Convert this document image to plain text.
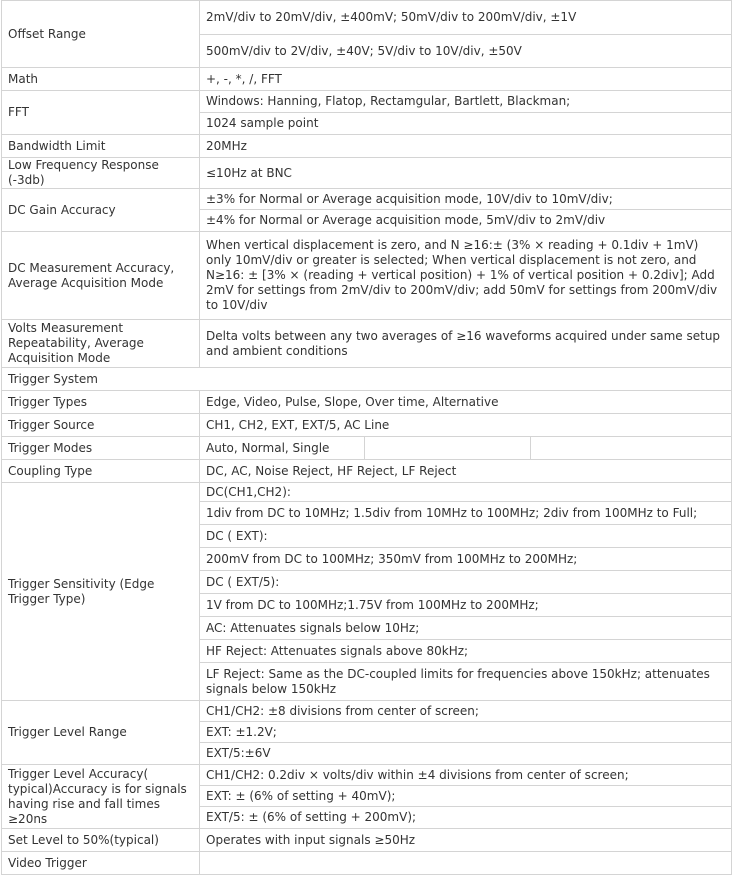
Offset Range	2mV/div to 20mV/div, ±400mV; 50mV/div to 200mV/div, ±1V		
	500mV/div to 2V/div, ±40V; 5V/div to 10V/div, ±50V		
Math	+, -, *, /, FFT		
FFT	Windows: Hanning, Flatop, Rectamgular, Bartlett, Blackman;		
	1024 sample point		
Bandwidth Limit	20MHz		
Low Frequency Response (-3db)	≤10Hz at BNC		
DC Gain Accuracy	±3% for Normal or Average acquisition mode, 10V/div to 10mV/div;		
	±4% for Normal or Average acquisition mode, 5mV/div to 2mV/div		
DC Measurement Accuracy, Average Acquisition Mode	When vertical displacement is zero, and N ≥16:± (3% × reading + 0.1div + 1mV) only 10mV/div or greater is selected; When vertical displacement is not zero, and N≥16: ± [3% × (reading + vertical position) + 1% of vertical position + 0.2div]; Add 2mV for settings from 2mV/div to 200mV/div; add 50mV for settings from 200mV/div to 10V/div		
Volts Measurement Repeatability, Average Acquisition Mode	Delta volts between any two averages of ≥16 waveforms acquired under same setup and ambient conditions		
Trigger System			
Trigger Types	Edge, Video, Pulse, Slope, Over time, Alternative		
Trigger Source	CH1, CH2, EXT, EXT/5, AC Line		
Trigger Modes	Auto, Normal, Single		
Coupling Type	DC, AC, Noise Reject, HF Reject, LF Reject		
Trigger Sensitivity (Edge Trigger Type)	DC(CH1,CH2):		
	1div from DC to 10MHz; 1.5div from 10MHz to 100MHz; 2div from 100MHz to Full;		
	DC ( EXT):		
	200mV from DC to 100MHz; 350mV from 100MHz to 200MHz;		
	DC ( EXT/5):		
	1V from DC to 100MHz;1.75V from 100MHz to 200MHz;		
	AC: Attenuates signals below 10Hz;		
	HF Reject: Attenuates signals above 80kHz;		
	LF Reject: Same as the DC-coupled limits for frequencies above 150kHz; attenuates signals below 150kHz		
Trigger Level Range	CH1/CH2: ±8 divisions from center of screen;		
	EXT: ±1.2V;		
	EXT/5:±6V		
Trigger Level Accuracy( typical)Accuracy is for signals having rise and fall times ≥20ns	CH1/CH2: 0.2div × volts/div within ±4 divisions from center of screen;		
	EXT: ± (6% of setting + 40mV);		
	EXT/5: ± (6% of setting + 200mV);		
Set Level to 50%(typical)	Operates with input signals ≥50Hz		
Video Trigger			
